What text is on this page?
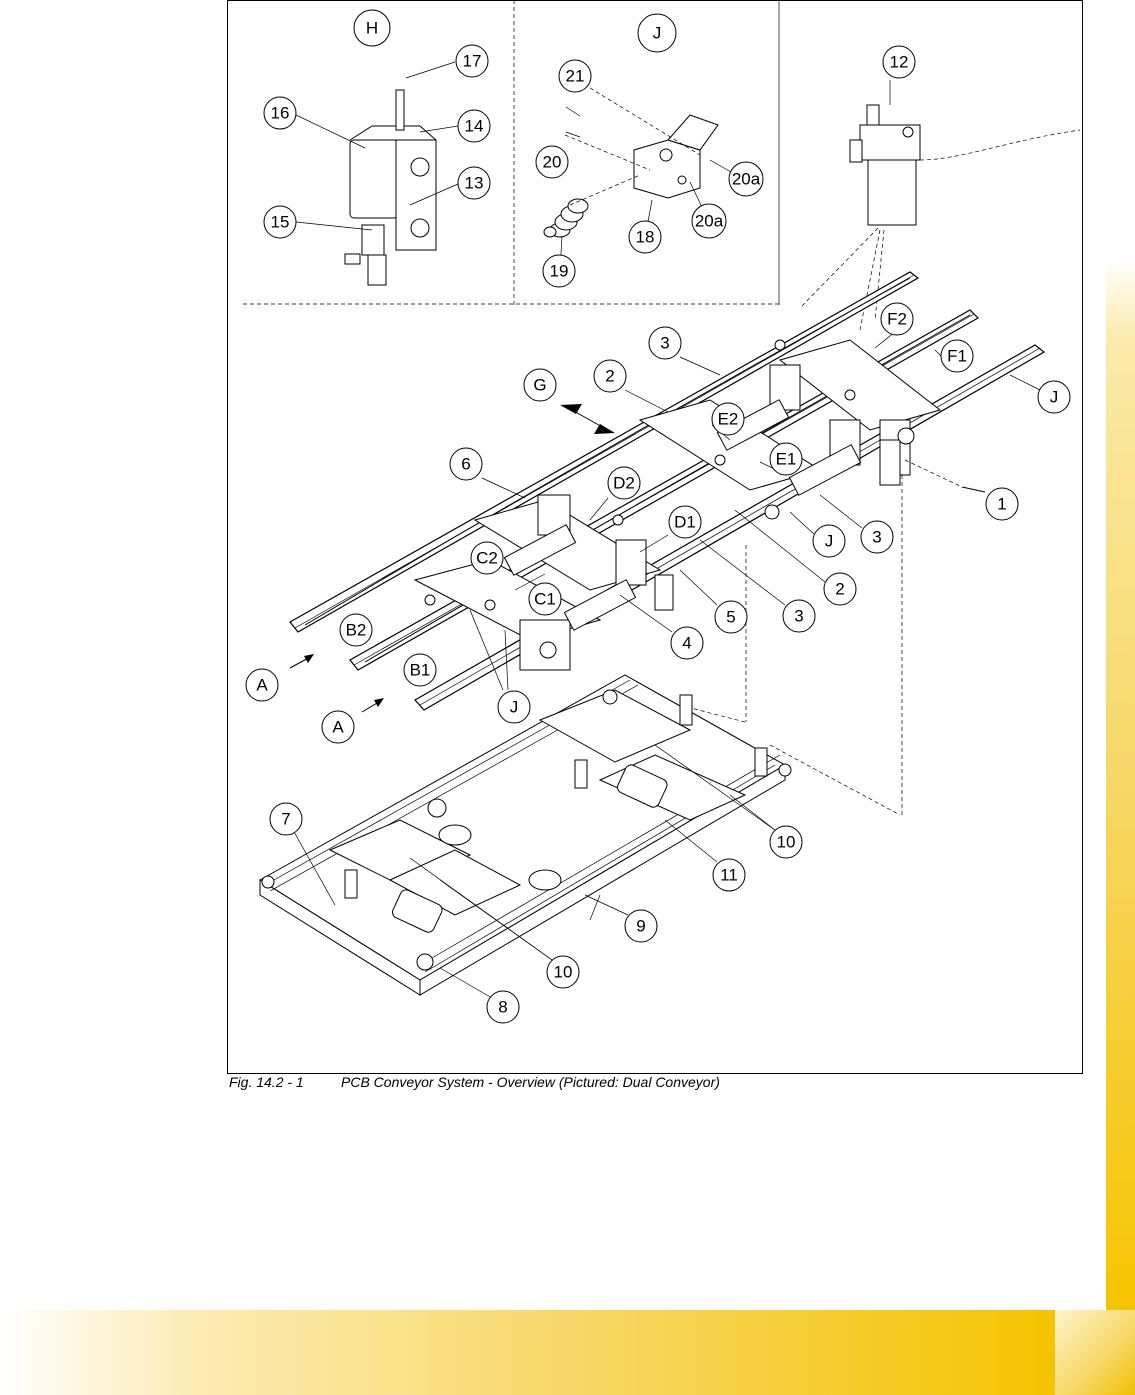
H	J
17
16
14
13
15
21
20
20a
20a
18
19
12
F2
F1
J
3
2
G
E2
E1
6
D2
D1
1
J 3
C2
2
C1
5	3
4
B2
B1
A
A
J
7
10
11
9
10
8
Fig. 14.2 - 1	PCB Conveyor System - Overview (Pictured: Dual Conveyor)
